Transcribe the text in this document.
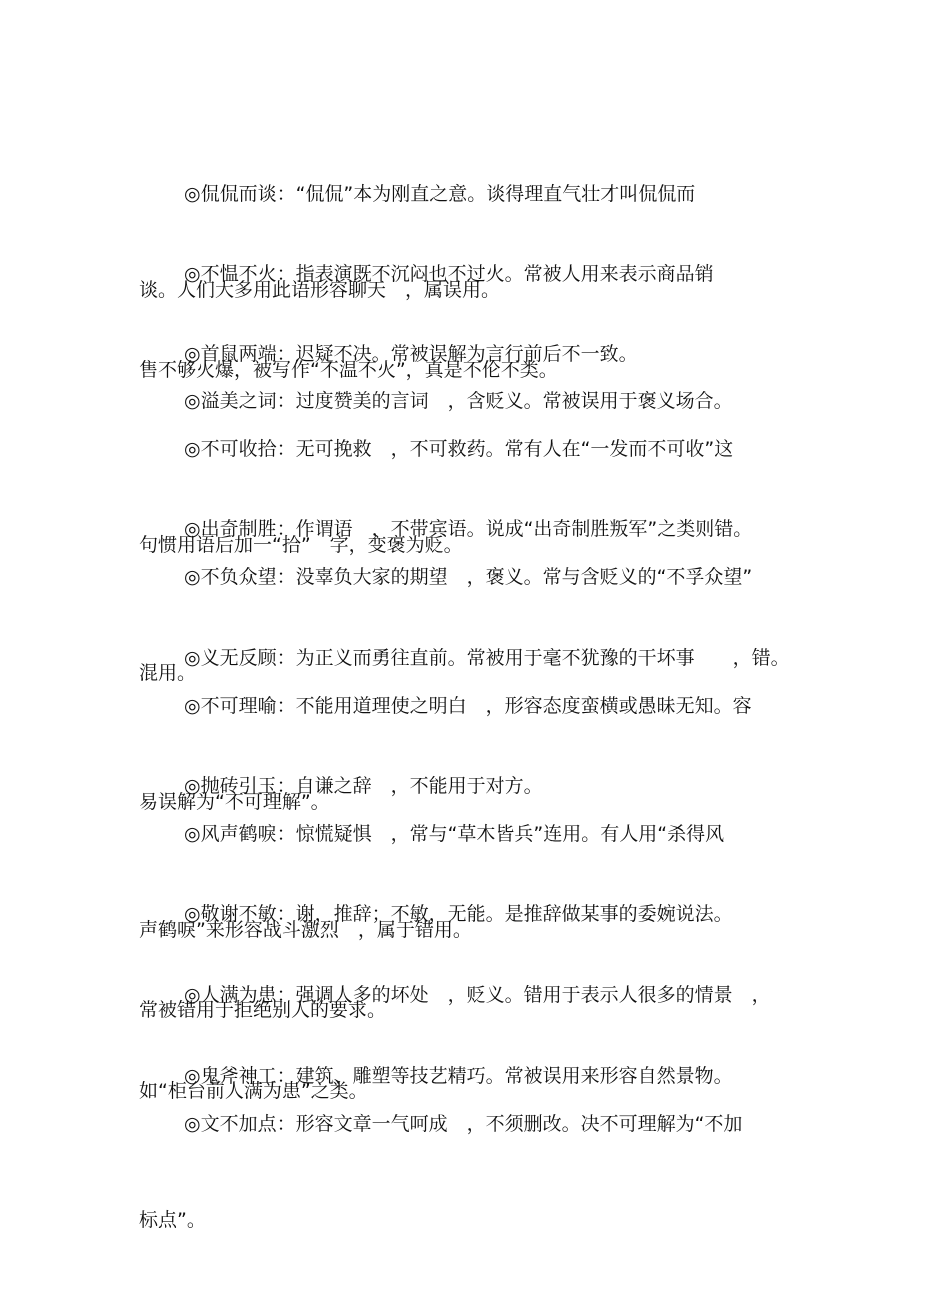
◎侃侃而谈：“侃侃”本为刚直之意。谈得理直气壮才叫侃侃而

谈。人们大多用此语形容聊天　，属误用。

◎不愠不火：指表演既不沉闷也不过火。常被人用来表示商品销

售不够火爆，被写作“不温不火”，真是不伦不类。

◎首鼠两端：迟疑不决。常被误解为言行前后不一致。

◎溢美之词：过度赞美的言词　，含贬义。常被误用于褒义场合。

◎不可收拾：无可挽救　，不可救药。常有人在“一发而不可收”这

句惯用语后加一“拾”　字，变褒为贬。

◎出奇制胜：作谓语　，不带宾语。说成“出奇制胜叛军”之类则错。

◎不负众望：没辜负大家的期望　，褒义。常与含贬义的“不孚众望”

混用。

◎义无反顾：为正义而勇往直前。常被用于毫不犹豫的干坏事　　，错。

◎不可理喻：不能用道理使之明白　，形容态度蛮横或愚昧无知。容

易误解为“不可理解”。

◎抛砖引玉：自谦之辞　，不能用于对方。

◎风声鹤唳：惊慌疑惧　，常与“草木皆兵”连用。有人用“杀得风

声鹤唳”来形容战斗激烈　，属于错用。

◎敬谢不敏：谢，推辞；不敏，无能。是推辞做某事的委婉说法。

常被错用于拒绝别人的要求。

◎人满为患：强调人多的坏处　，贬义。错用于表示人很多的情景　，

如“柜台前人满为患”之类。

◎鬼斧神工：建筑、雕塑等技艺精巧。常被误用来形容自然景物。

◎文不加点：形容文章一气呵成　，不须删改。决不可理解为“不加

标点”。
